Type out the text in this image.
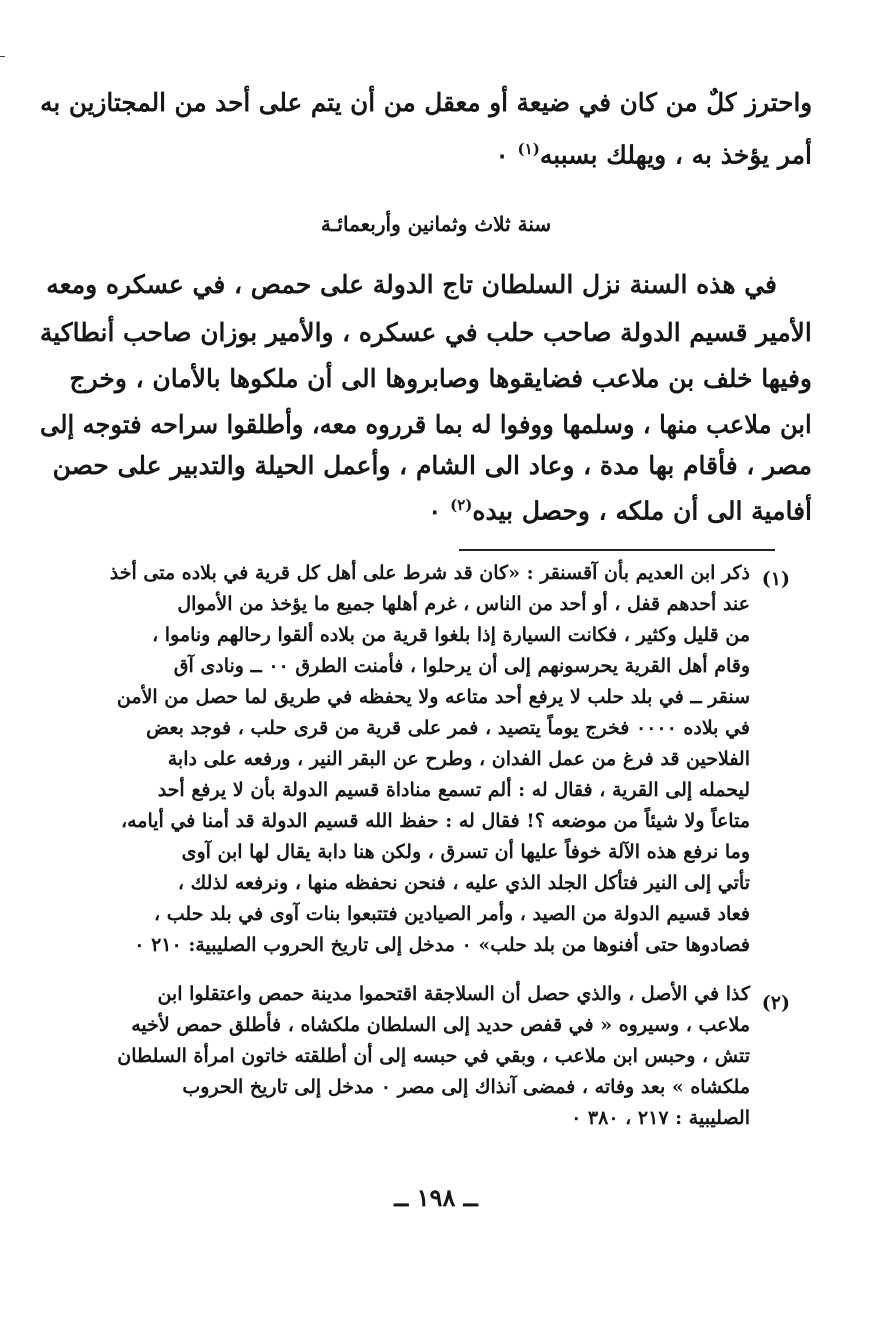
واحترز كلٌ من كان في ضيعة أو معقل من أن يتم على أحد من المجتازين به
أمر يؤخذ به ، ويهلك بسببه$^{(١)}$ ٠
سنة ثلاث وثمانين وأربعمائـة
في هذه السنة نزل السلطان تاج الدولة على حمص ، في عسكره ومعه
الأمير قسيم الدولة صاحب حلب في عسكره ، والأمير بوزان صاحب أنطاكية
وفيها خلف بن ملاعب فضايقوها وصابروها الى أن ملكوها بالأمان ، وخرج
ابن ملاعب منها ، وسلمها ووفوا له بما قرروه معه، وأطلقوا سراحه فتوجه إلى
مصر ، فأقام بها مدة ، وعاد الى الشام ، وأعمل الحيلة والتدبير على حصن
أفامية الى أن ملكه ، وحصل بيده$^{(٢)}$ ٠
(١)
ذكر ابن العديم بأن آقسنقر : «كان قد شرط على أهل كل قرية في بلاده متى أخذ
عند أحدهم قفل ، أو أحد من الناس ، غرم أهلها جميع ما يؤخذ من الأموال
من قليل وكثير ، فكانت السيارة إذا بلغوا قرية من بلاده ألقوا رحالهم وناموا ،
وقام أهل القرية يحرسونهم إلى أن يرحلوا ، فأمنت الطرق ٠٠ ــ ونادى آق
سنقر ــ في بلد حلب لا يرفع أحد متاعه ولا يحفظه في طريق لما حصل من الأمن
في بلاده ٠٠٠٠ فخرج يوماً يتصيد ، فمر على قرية من قرى حلب ، فوجد بعض
الفلاحين قد فرغ من عمل الفدان ، وطرح عن البقر النير ، ورفعه على دابة
ليحمله إلى القرية ، فقال له : ألم تسمع مناداة قسيم الدولة بأن لا يرفع أحد
متاعاً ولا شيئاً من موضعه ؟! فقال له : حفظ الله قسيم الدولة قد أمنا في أيامه،
وما نرفع هذه الآلة خوفاً عليها أن تسرق ، ولكن هنا دابة يقال لها ابن آوى
تأتي إلى النير فتأكل الجلد الذي عليه ، فنحن نحفظه منها ، ونرفعه لذلك ،
فعاد قسيم الدولة من الصيد ، وأمر الصيادين فتتبعوا بنات آوى في بلد حلب ،
فصادوها حتى أفنوها من بلد حلب» ٠ مدخل إلى تاريخ الحروب الصليبية: ٢١٠ ٠
(٢)
كذا في الأصل ، والذي حصل أن السلاجقة اقتحموا مدينة حمص واعتقلوا ابن
ملاعب ، وسيروه « في قفص حديد إلى السلطان ملكشاه ، فأطلق حمص لأخيه
تتش ، وحبس ابن ملاعب ، وبقي في حبسه إلى أن أطلقته خاتون امرأة السلطان
ملكشاه » بعد وفاته ، فمضى آنذاك إلى مصر ٠ مدخل إلى تاريخ الحروب
الصليبية : ٢١٧ ، ٣٨٠ ٠
ــ ١٩٨ ــ
